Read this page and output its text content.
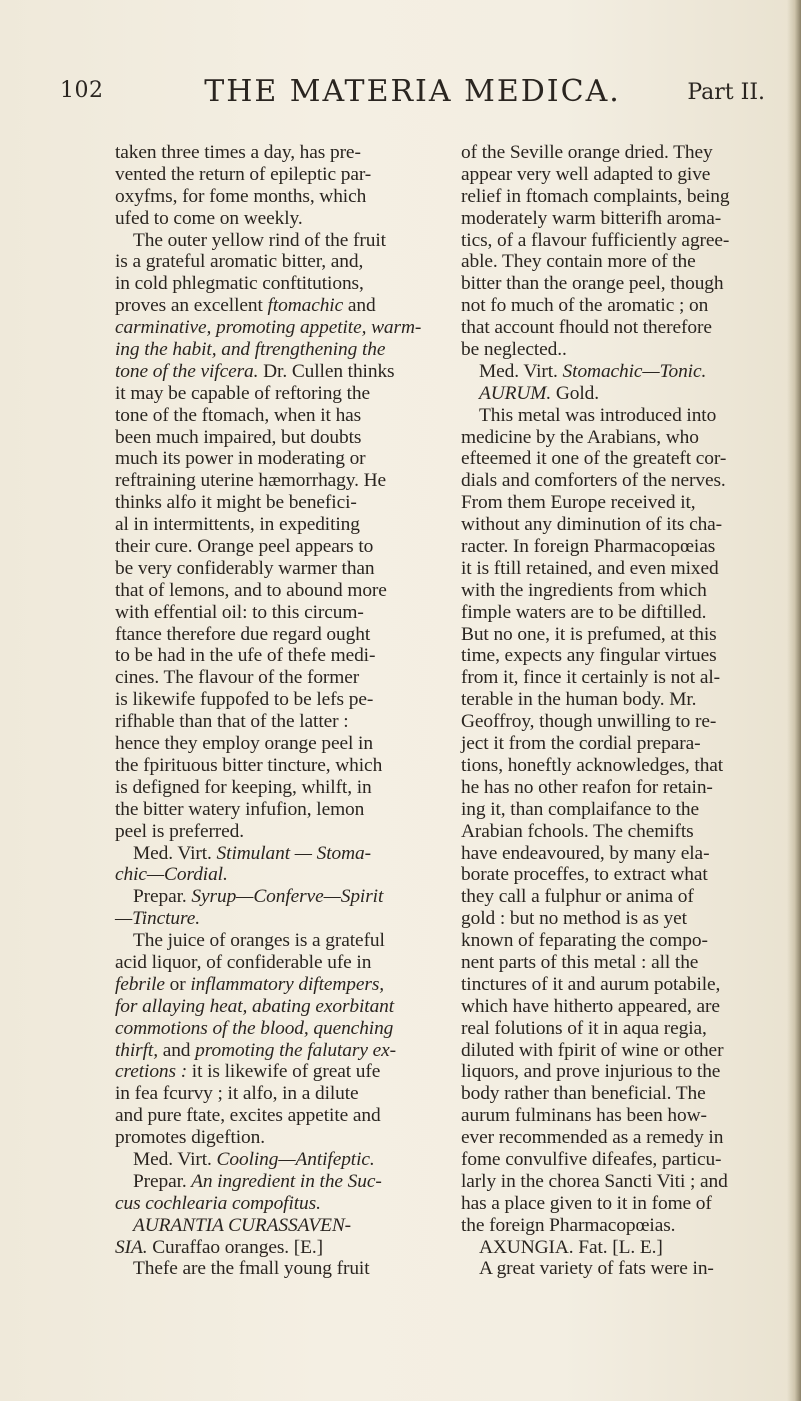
102	THE MATERIA MEDICA.	Part II.
taken three times a day, has pre-
vented the return of epileptic par-
oxyfms, for fome months, which
ufed to come on weekly.
The outer yellow rind of the fruit
is a grateful aromatic bitter, and,
in cold phlegmatic conftitutions,
proves an excellent ftomachic and
carminative, promoting appetite, warm-
ing the habit, and ftrengthening the
tone of the vifcera. Dr. Cullen thinks
it may be capable of reftoring the
tone of the ftomach, when it has
been much impaired, but doubts
much its power in moderating or
reftraining uterine hæmorrhagy. He
thinks alfo it might be benefici-
al in intermittents, in expediting
their cure. Orange peel appears to
be very confiderably warmer than
that of lemons, and to abound more
with effential oil: to this circum-
ftance therefore due regard ought
to be had in the ufe of thefe medi-
cines. The flavour of the former
is likewife fuppofed to be lefs pe-
rifhable than that of the latter :
hence they employ orange peel in
the fpirituous bitter tincture, which
is defigned for keeping, whilft, in
the bitter watery infufion, lemon
peel is preferred.
Med. Virt. Stimulant — Stoma-
chic—Cordial.
Prepar. Syrup—Conferve—Spirit
—Tincture.
The juice of oranges is a grateful
acid liquor, of confiderable ufe in
febrile or inflammatory diftempers,
for allaying heat, abating exorbitant
commotions of the blood, quenching
thirft, and promoting the falutary ex-
cretions : it is likewife of great ufe
in fea fcurvy ; it alfo, in a dilute
and pure ftate, excites appetite and
promotes digeftion.
Med. Virt. Cooling—Antifeptic.
Prepar. An ingredient in the Suc-
cus cochlearia compofitus.
AURANTIA CURASSAVEN-
SIA. Curaffao oranges. [E.]
Thefe are the fmall young fruit
of the Seville orange dried. They
appear very well adapted to give
relief in ftomach complaints, being
moderately warm bitterifh aroma-
tics, of a flavour fufficiently agree-
able. They contain more of the
bitter than the orange peel, though
not fo much of the aromatic ; on
that account fhould not therefore
be neglected..
Med. Virt. Stomachic—Tonic.
AURUM. Gold.
This metal was introduced into
medicine by the Arabians, who
efteemed it one of the greateft cor-
dials and comforters of the nerves.
From them Europe received it,
without any diminution of its cha-
racter. In foreign Pharmacopœias
it is ftill retained, and even mixed
with the ingredients from which
fimple waters are to be diftilled.
But no one, it is prefumed, at this
time, expects any fingular virtues
from it, fince it certainly is not al-
terable in the human body. Mr.
Geoffroy, though unwilling to re-
ject it from the cordial prepara-
tions, honeftly acknowledges, that
he has no other reafon for retain-
ing it, than complaifance to the
Arabian fchools. The chemifts
have endeavoured, by many ela-
borate proceffes, to extract what
they call a fulphur or anima of
gold : but no method is as yet
known of feparating the compo-
nent parts of this metal : all the
tinctures of it and aurum potabile,
which have hitherto appeared, are
real folutions of it in aqua regia,
diluted with fpirit of wine or other
liquors, and prove injurious to the
body rather than beneficial. The
aurum fulminans has been how-
ever recommended as a remedy in
fome convulfive difeafes, particu-
larly in the chorea Sancti Viti ; and
has a place given to it in fome of
the foreign Pharmacopœias.
AXUNGIA. Fat. [L. E.]
A great variety of fats were in-
